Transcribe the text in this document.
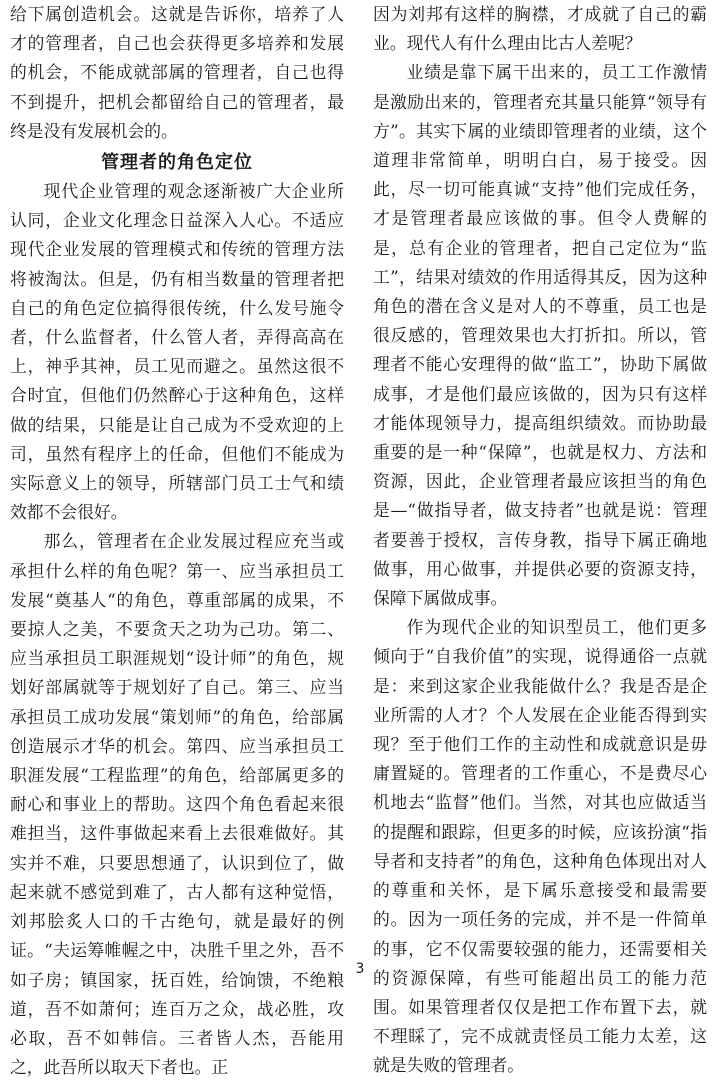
给下属创造机会。这就是告诉你，培养了人才的管理者，自己也会获得更多培养和发展的机会，不能成就部属的管理者，自己也得不到提升，把机会都留给自己的管理者，最终是没有发展机会的。

管理者的角色定位

现代企业管理的观念逐渐被广大企业所认同，企业文化理念日益深入人心。不适应现代企业发展的管理模式和传统的管理方法将被淘汰。但是，仍有相当数量的管理者把自己的角色定位搞得很传统，什么发号施令者，什么监督者，什么管人者，弄得高高在上，神乎其神，员工见而避之。虽然这很不合时宜，但他们仍然醉心于这种角色，这样做的结果，只能是让自己成为不受欢迎的上司，虽然有程序上的任命，但他们不能成为实际意义上的领导，所辖部门员工士气和绩效都不会很好。

那么，管理者在企业发展过程应充当或承担什么样的角色呢？第一、应当承担员工发展“奠基人“的角色，尊重部属的成果，不要掠人之美，不要贪天之功为己功。第二、应当承担员工职涯规划“设计师”的角色，规划好部属就等于规划好了自己。第三、应当承担员工成功发展“策划师”的角色，给部属创造展示才华的机会。第四、应当承担员工职涯发展“工程监理”的角色，给部属更多的耐心和事业上的帮助。这四个角色看起来很难担当，这件事做起来看上去很难做好。其实并不难，只要思想通了，认识到位了，做起来就不感觉到难了，古人都有这种觉悟，刘邦脍炙人口的千古绝句，就是最好的例证。“夫运筹帷幄之中，决胜千里之外，吾不如子房；镇国家，抚百姓，给饷馈，不绝粮道，吾不如萧何；连百万之众，战必胜，攻必取，吾不如韩信。三者皆人杰，吾能用之，此吾所以取天下者也。正

因为刘邦有这样的胸襟，才成就了自己的霸业。现代人有什么理由比古人差呢？

业绩是靠下属干出来的，员工工作激情是激励出来的，管理者充其量只能算“领导有方”。其实下属的业绩即管理者的业绩，这个道理非常简单，明明白白，易于接受。因此，尽一切可能真诚“支持”他们完成任务，才是管理者最应该做的事。但令人费解的是，总有企业的管理者，把自己定位为“监工”，结果对绩效的作用适得其反，因为这种角色的潜在含义是对人的不尊重，员工也是很反感的，管理效果也大打折扣。所以，管理者不能心安理得的做“监工”，协助下属做成事，才是他们最应该做的，因为只有这样才能体现领导力，提高组织绩效。而协助最重要的是一种“保障”，也就是权力、方法和资源，因此，企业管理者最应该担当的角色是—“做指导者，做支持者”也就是说：管理者要善于授权，言传身教，指导下属正确地做事，用心做事，并提供必要的资源支持，保障下属做成事。

作为现代企业的知识型员工，他们更多倾向于“自我价值”的实现，说得通俗一点就是：来到这家企业我能做什么？我是否是企业所需的人才？个人发展在企业能否得到实现？至于他们工作的主动性和成就意识是毋庸置疑的。管理者的工作重心，不是费尽心机地去“监督”他们。当然，对其也应做适当的提醒和跟踪，但更多的时候，应该扮演“指导者和支持者”的角色，这种角色体现出对人的尊重和关怀，是下属乐意接受和最需要的。因为一项任务的完成，并不是一件简单的事，它不仅需要较强的能力，还需要相关的资源保障，有些可能超出员工的能力范围。如果管理者仅仅是把工作布置下去，就不理睬了，完不成就责怪员工能力太差，这就是失败的管理者。

3
